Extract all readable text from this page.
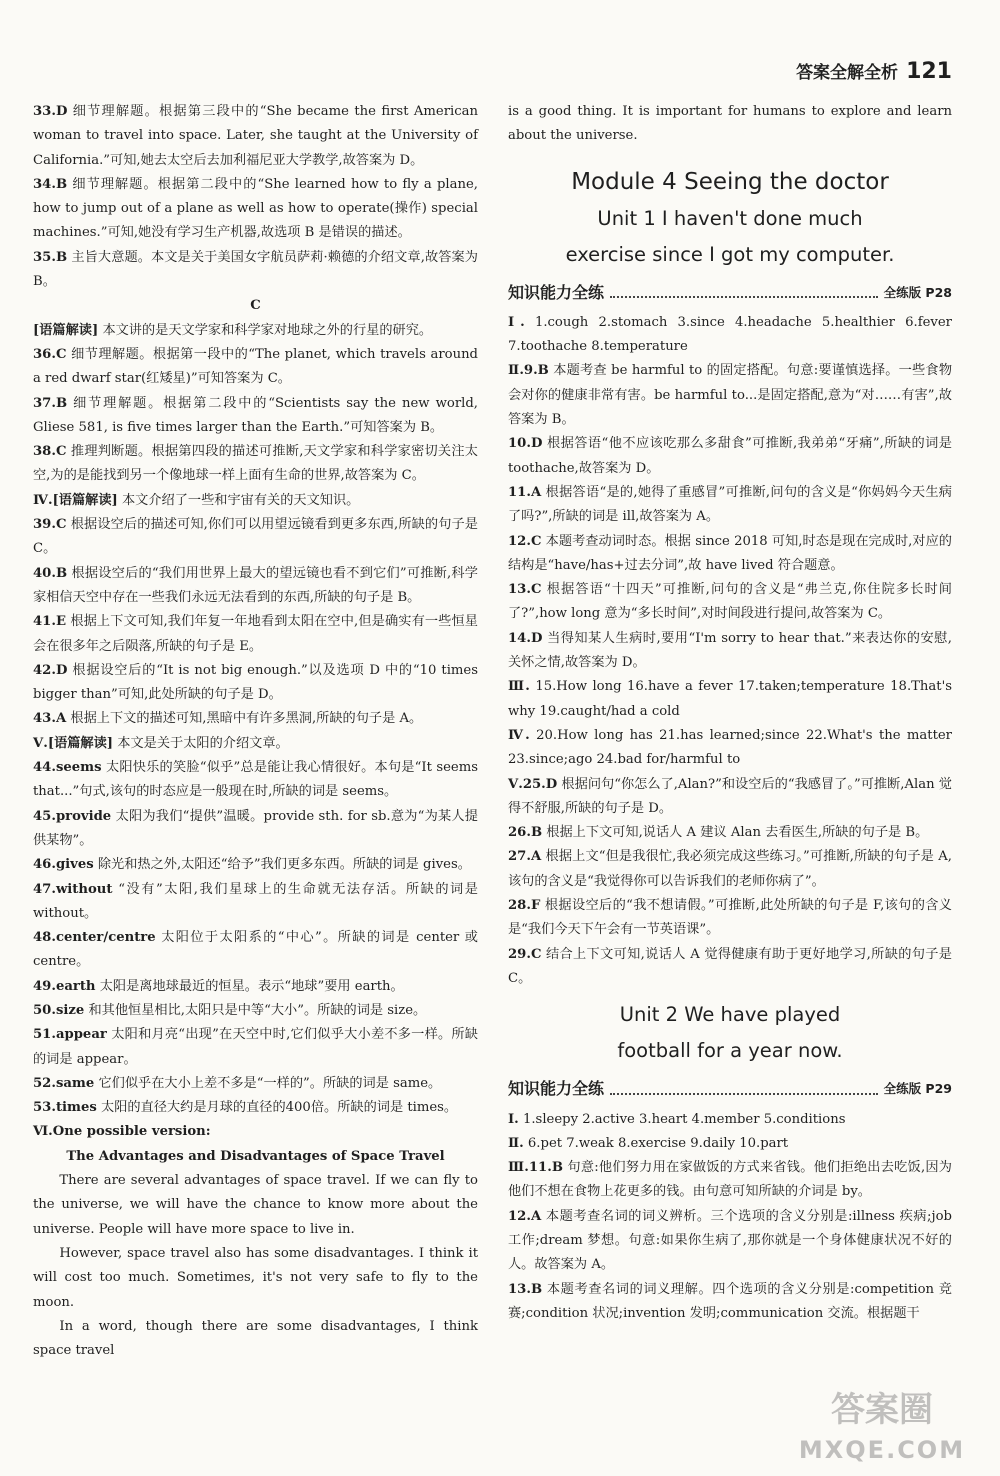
答案全解全析 121

33.D 细节理解题。根据第三段中的“She became the first American woman to travel into space. Later, she taught at the University of California.”可知,她去太空后去加利福尼亚大学教学,故答案为 D。

34.B 细节理解题。根据第二段中的“She learned how to fly a plane, how to jump out of a plane as well as how to operate(操作) special machines.”可知,她没有学习生产机器,故选项 B 是错误的描述。

35.B 主旨大意题。本文是关于美国女字航员萨莉·赖德的介绍文章,故答案为 B。

C

[语篇解读] 本文讲的是天文学家和科学家对地球之外的行星的研究。

36.C 细节理解题。根据第一段中的“The planet, which travels around a red dwarf star(红矮星)”可知答案为 C。

37.B 细节理解题。根据第二段中的“Scientists say the new world, Gliese 581, is five times larger than the Earth.”可知答案为 B。

38.C 推理判断题。根据第四段的描述可推断,天文学家和科学家密切关注太空,为的是能找到另一个像地球一样上面有生命的世界,故答案为 C。

Ⅳ.[语篇解读] 本文介绍了一些和宇宙有关的天文知识。

39.C 根据设空后的描述可知,你们可以用望远镜看到更多东西,所缺的句子是 C。

40.B 根据设空后的“我们用世界上最大的望远镜也看不到它们”可推断,科学家相信天空中存在一些我们永远无法看到的东西,所缺的句子是 B。

41.E 根据上下文可知,我们年复一年地看到太阳在空中,但是确实有一些恒星会在很多年之后陨落,所缺的句子是 E。

42.D 根据设空后的“It is not big enough.”以及选项 D 中的“10 times bigger than”可知,此处所缺的句子是 D。

43.A 根据上下文的描述可知,黑暗中有许多黑洞,所缺的句子是 A。

Ⅴ.[语篇解读] 本文是关于太阳的介绍文章。

44.seems 太阳快乐的笑脸“似乎”总是能让我心情很好。本句是“It seems that...”句式,该句的时态应是一般现在时,所缺的词是 seems。

45.provide 太阳为我们“提供”温暖。provide sth. for sb.意为“为某人提供某物”。

46.gives 除光和热之外,太阳还“给予”我们更多东西。所缺的词是 gives。

47.without “没有”太阳,我们星球上的生命就无法存活。所缺的词是 without。

48.center/centre 太阳位于太阳系的“中心”。所缺的词是 center 或 centre。

49.earth 太阳是离地球最近的恒星。表示“地球”要用 earth。

50.size 和其他恒星相比,太阳只是中等“大小”。所缺的词是 size。

51.appear 太阳和月亮“出现”在天空中时,它们似乎大小差不多一样。所缺的词是 appear。

52.same 它们似乎在大小上差不多是“一样的”。所缺的词是 same。

53.times 太阳的直径大约是月球的直径的400倍。所缺的词是 times。

Ⅵ.One possible version:

The Advantages and Disadvantages of Space Travel

There are several advantages of space travel. If we can fly to the universe, we will have the chance to know more about the universe. People will have more space to live in.

However, space travel also has some disadvantages. I think it will cost too much. Sometimes, it's not very safe to fly to the moon.

In a word, though there are some disadvantages, I think space travel

is a good thing. It is important for humans to explore and learn about the universe.

Module 4 Seeing the doctor
Unit 1 I haven't done much
exercise since I got my computer.
知识能力全练	全练版 P28

Ⅰ. 1.cough 2.stomach 3.since 4.headache 5.healthier 6.fever 7.toothache 8.temperature

Ⅱ.9.B 本题考查 be harmful to 的固定搭配。句意:要谨慎选择。一些食物会对你的健康非常有害。be harmful to...是固定搭配,意为“对……有害”,故答案为 B。

10.D 根据答语“他不应该吃那么多甜食”可推断,我弟弟“牙痛”,所缺的词是 toothache,故答案为 D。

11.A 根据答语“是的,她得了重感冒”可推断,问句的含义是“你妈妈今天生病了吗?”,所缺的词是 ill,故答案为 A。

12.C 本题考查动词时态。根据 since 2018 可知,时态是现在完成时,对应的结构是“have/has+过去分词”,故 have lived 符合题意。

13.C 根据答语“十四天”可推断,问句的含义是“弗兰克,你住院多长时间了?”,how long 意为“多长时间”,对时间段进行提问,故答案为 C。

14.D 当得知某人生病时,要用“I'm sorry to hear that.”来表达你的安慰,关怀之情,故答案为 D。

Ⅲ. 15.How long 16.have a fever 17.taken;temperature 18.That's why 19.caught/had a cold

Ⅳ. 20.How long has 21.has learned;since 22.What's the matter 23.since;ago 24.bad for/harmful to

Ⅴ.25.D 根据问句“你怎么了,Alan?”和设空后的“我感冒了。”可推断,Alan 觉得不舒服,所缺的句子是 D。

26.B 根据上下文可知,说话人 A 建议 Alan 去看医生,所缺的句子是 B。

27.A 根据上文“但是我很忙,我必须完成这些练习。”可推断,所缺的句子是 A,该句的含义是“我觉得你可以告诉我们的老师你病了”。

28.F 根据设空后的“我不想请假。”可推断,此处所缺的句子是 F,该句的含义是“我们今天下午会有一节英语课”。

29.C 结合上下文可知,说话人 A 觉得健康有助于更好地学习,所缺的句子是 C。

Unit 2 We have played
football for a year now.
知识能力全练	全练版 P29

Ⅰ. 1.sleepy 2.active 3.heart 4.member 5.conditions

Ⅱ. 6.pet 7.weak 8.exercise 9.daily 10.part

Ⅲ.11.B 句意:他们努力用在家做饭的方式来省钱。他们拒绝出去吃饭,因为他们不想在食物上花更多的钱。由句意可知所缺的介词是 by。

12.A 本题考查名词的词义辨析。三个选项的含义分别是:illness 疾病;job 工作;dream 梦想。句意:如果你生病了,那你就是一个身体健康状况不好的人。故答案为 A。

13.B 本题考查名词的词义理解。四个选项的含义分别是:competition 竞赛;condition 状况;invention 发明;communication 交流。根据题干

答案圈
MXQE.COM
